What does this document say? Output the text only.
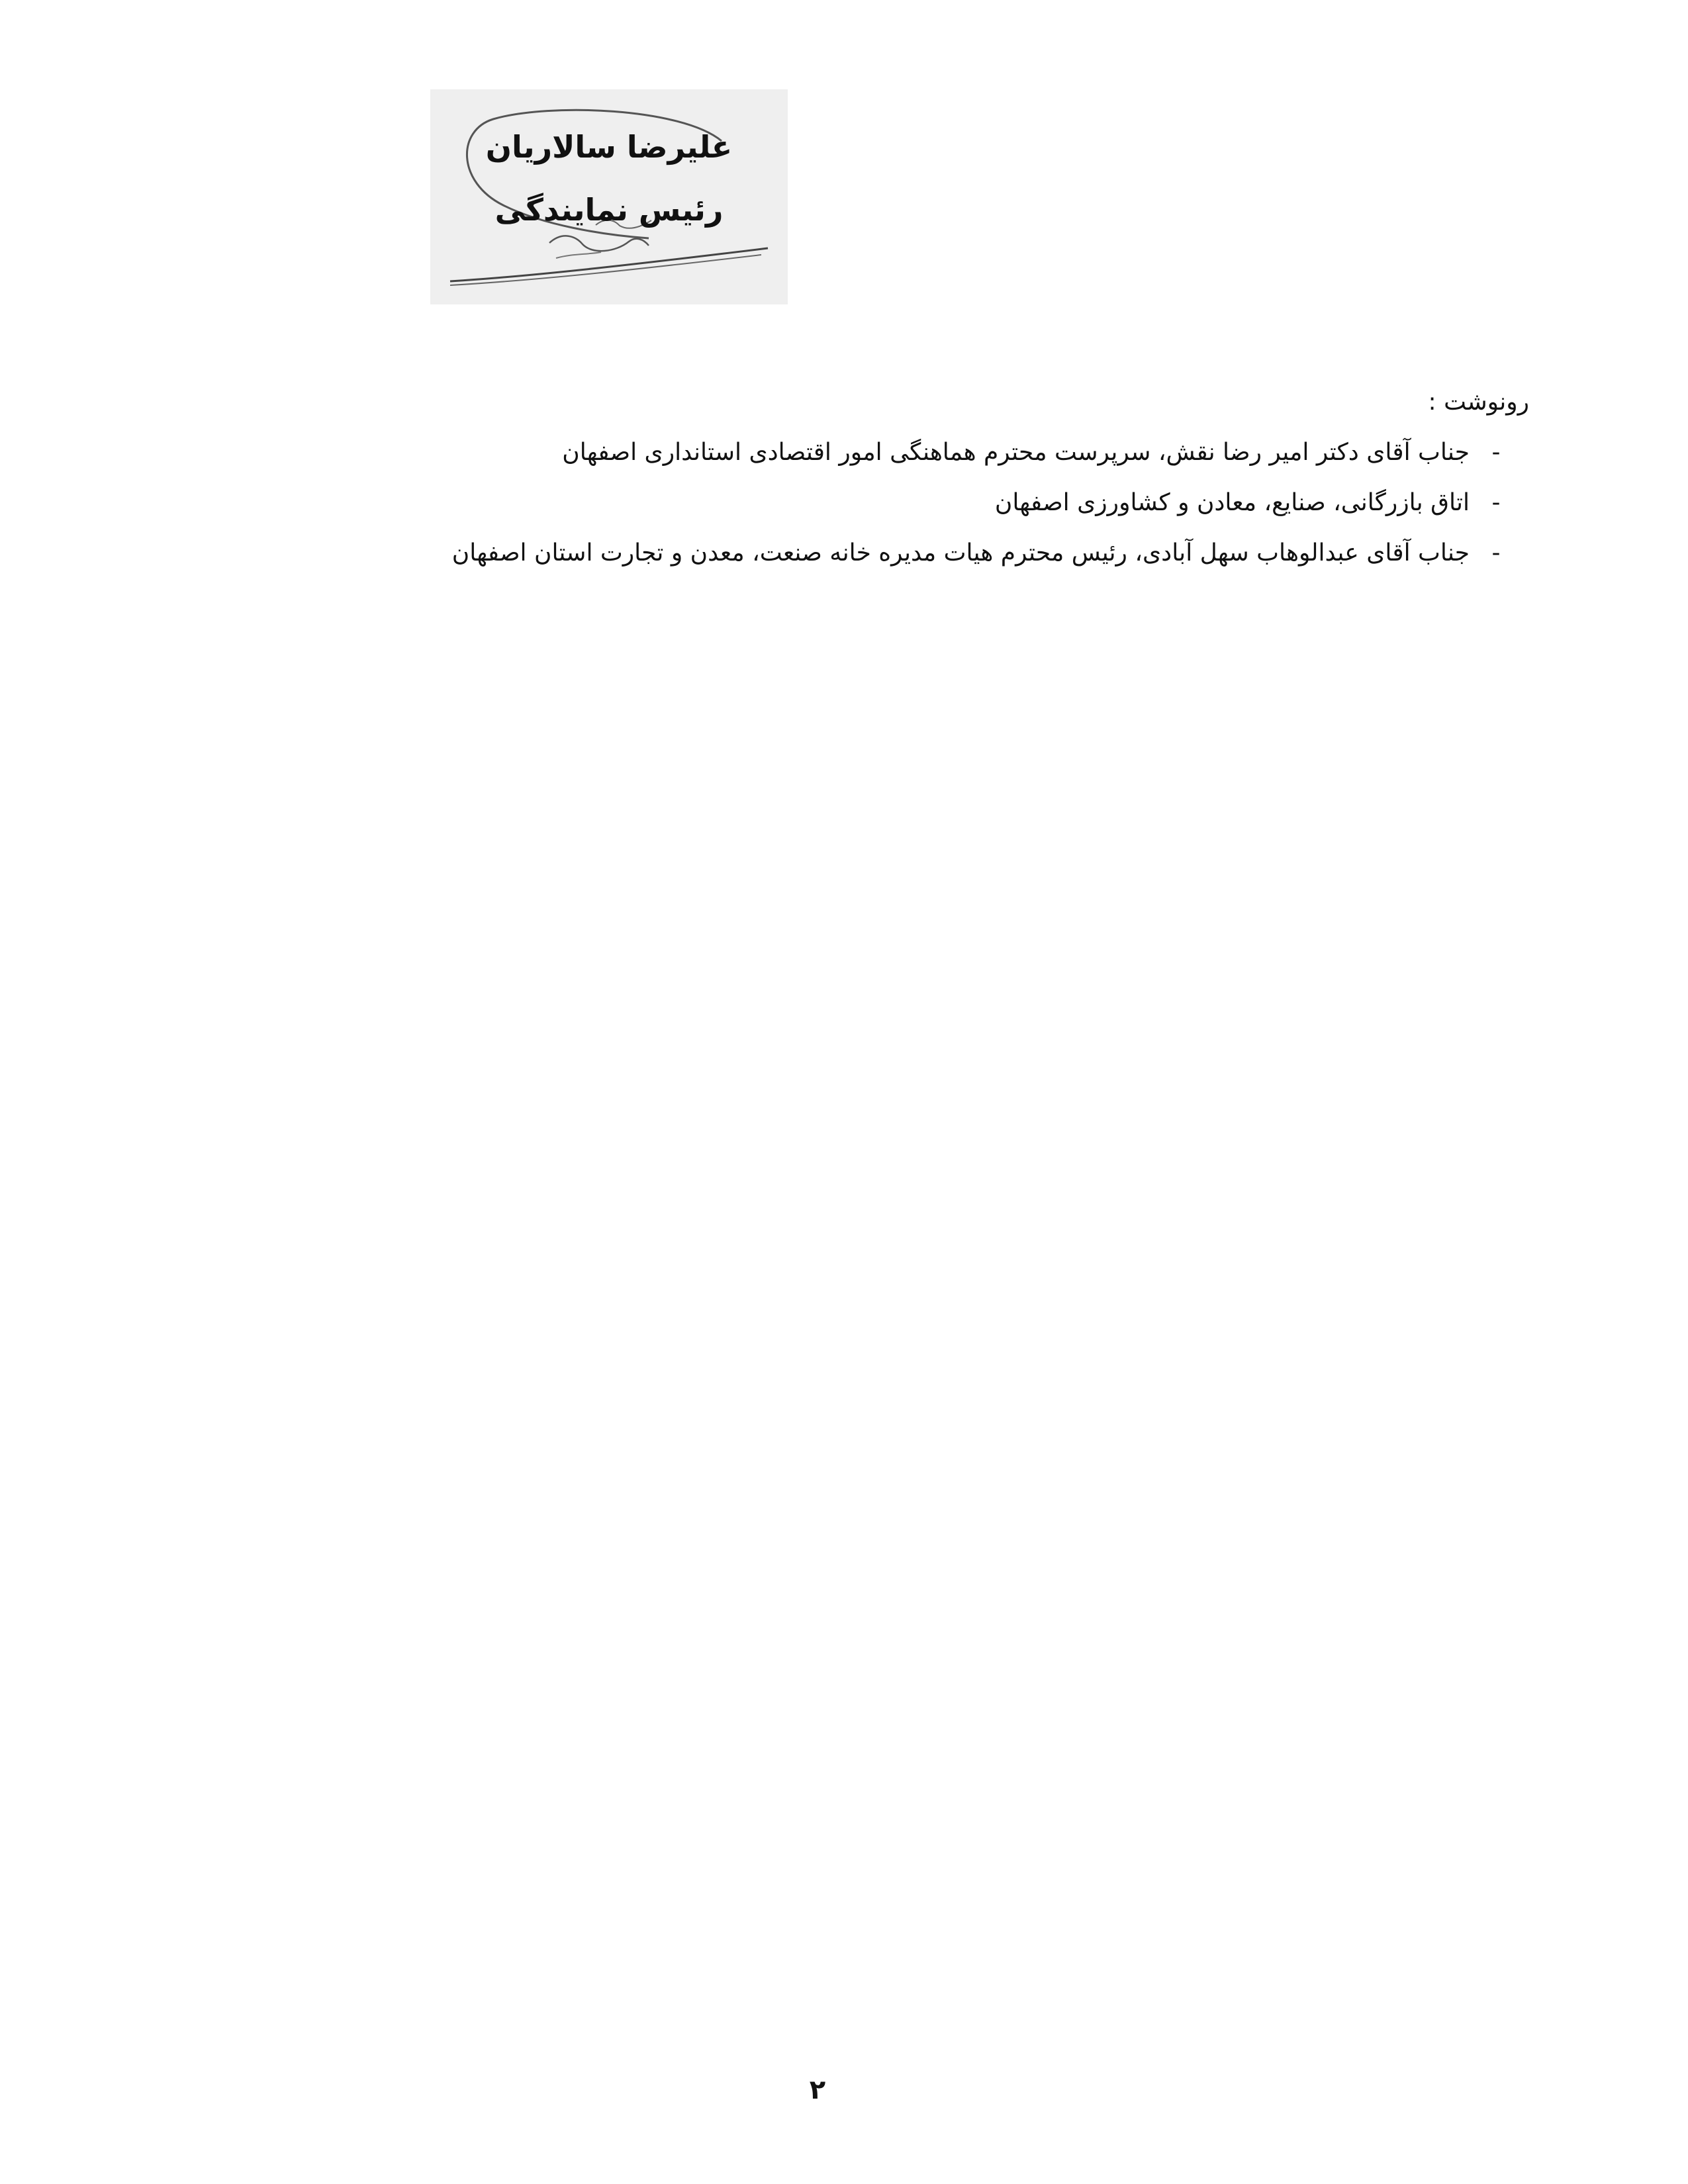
علیرضا سالاریان
رئیس نمایندگی
رونوشت :
-
جناب آقای دکتر امیر رضا نقش، سرپرست محترم هماهنگی امور اقتصادی استانداری اصفهان
-
اتاق بازرگانی، صنایع، معادن و کشاورزی اصفهان
-
جناب آقای عبدالوهاب سهل آبادی، رئیس محترم هیات مدیره خانه صنعت، معدن و تجارت استان اصفهان
۲
